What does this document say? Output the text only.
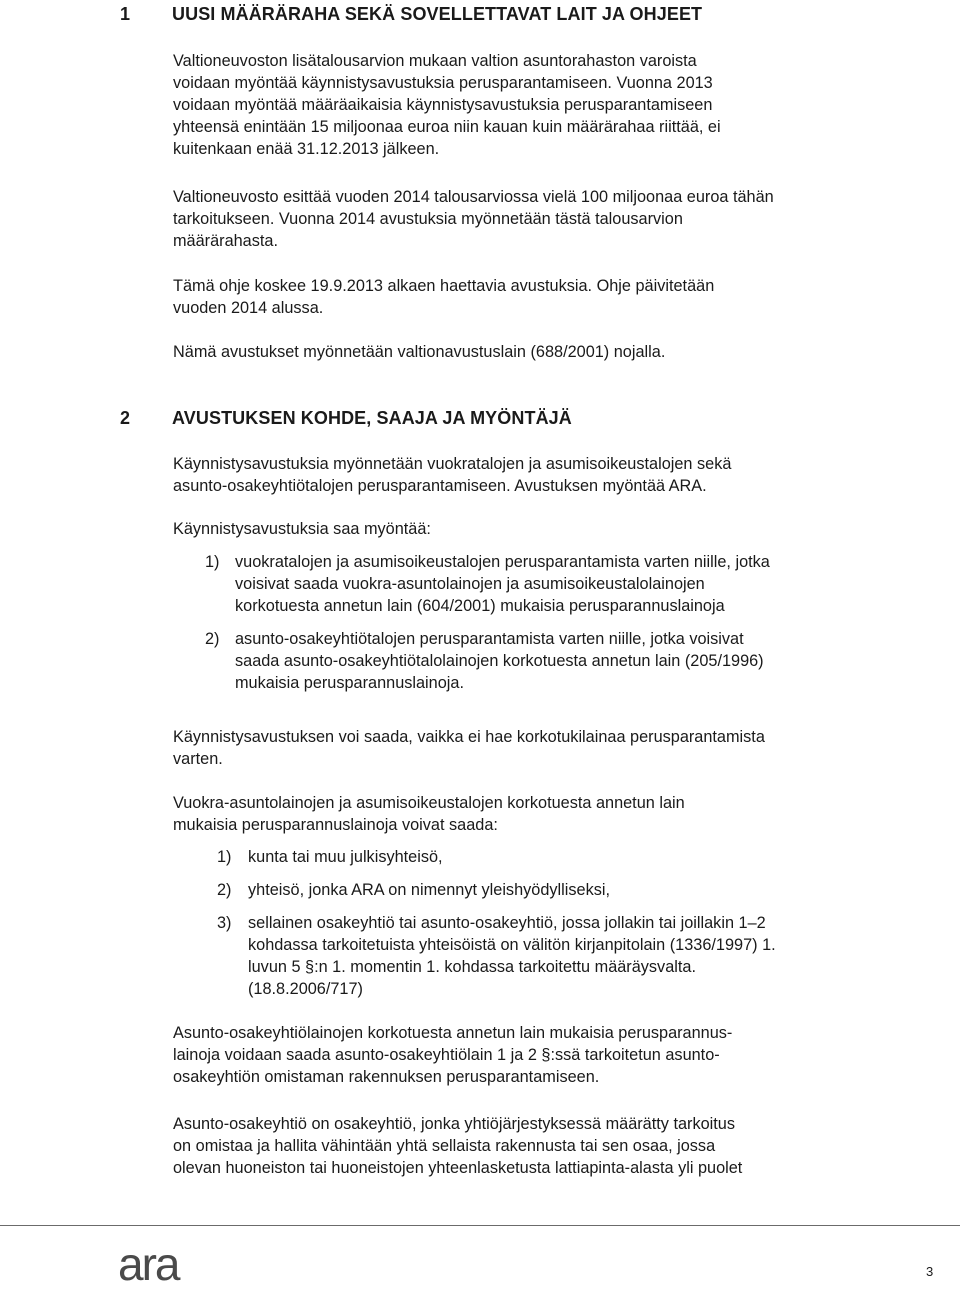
1	UUSI MÄÄRÄRAHA SEKÄ SOVELLETTAVAT LAIT JA OHJEET
Valtioneuvoston lisätalousarvion mukaan valtion asuntorahaston varoista
voidaan myöntää käynnistysavustuksia perusparantamiseen. Vuonna 2013
voidaan myöntää määräaikaisia käynnistysavustuksia perusparantamiseen
yhteensä enintään 15 miljoonaa euroa niin kauan kuin määrärahaa riittää, ei
kuitenkaan enää 31.12.2013 jälkeen.
Valtioneuvosto esittää vuoden 2014 talousarviossa vielä 100 miljoonaa euroa tähän
tarkoitukseen. Vuonna 2014 avustuksia myönnetään tästä talousarvion
määrärahasta.
Tämä ohje koskee 19.9.2013 alkaen haettavia avustuksia. Ohje päivitetään
vuoden 2014 alussa.
Nämä avustukset myönnetään valtionavustuslain (688/2001) nojalla.
2	AVUSTUKSEN KOHDE, SAAJA JA MYÖNTÄJÄ
Käynnistysavustuksia myönnetään vuokratalojen ja asumisoikeustalojen sekä
asunto-osakeyhtiötalojen perusparantamiseen. Avustuksen myöntää ARA.
Käynnistysavustuksia saa myöntää:
1) vuokratalojen ja asumisoikeustalojen perusparantamista varten niille, jotka
voisivat saada vuokra-asuntolainojen ja asumisoikeustalolainojen
korkotuesta annetun lain (604/2001) mukaisia perusparannuslainoja
2) asunto-osakeyhtiötalojen perusparantamista varten niille, jotka voisivat
saada asunto-osakeyhtiötalolainojen korkotuesta annetun lain (205/1996)
mukaisia perusparannuslainoja.
Käynnistysavustuksen voi saada, vaikka ei hae korkotukilainaa perusparantamista
varten.
Vuokra-asuntolainojen ja asumisoikeustalojen korkotuesta annetun lain
mukaisia perusparannuslainoja voivat saada:
1) kunta tai muu julkisyhteisö,
2) yhteisö, jonka ARA on nimennyt yleishyödylliseksi,
3) sellainen osakeyhtiö tai asunto-osakeyhtiö, jossa jollakin tai joillakin 1–2
kohdassa tarkoitetuista yhteisöistä on välitön kirjanpitolain (1336/1997) 1.
luvun 5 §:n 1. momentin 1. kohdassa tarkoitettu määräysvalta.
(18.8.2006/717)
Asunto-osakeyhtiölainojen korkotuesta annetun lain mukaisia perusparannus-
lainoja voidaan saada asunto-osakeyhtiölain 1 ja 2 §:ssä tarkoitetun asunto-
osakeyhtiön omistaman rakennuksen perusparantamiseen.
Asunto-osakeyhtiö on osakeyhtiö, jonka yhtiöjärjestyksessä määrätty tarkoitus
on omistaa ja hallita vähintään yhtä sellaista rakennusta tai sen osaa, jossa
olevan huoneiston tai huoneistojen yhteenlasketusta lattiapinta-alasta yli puolet
ara	3
